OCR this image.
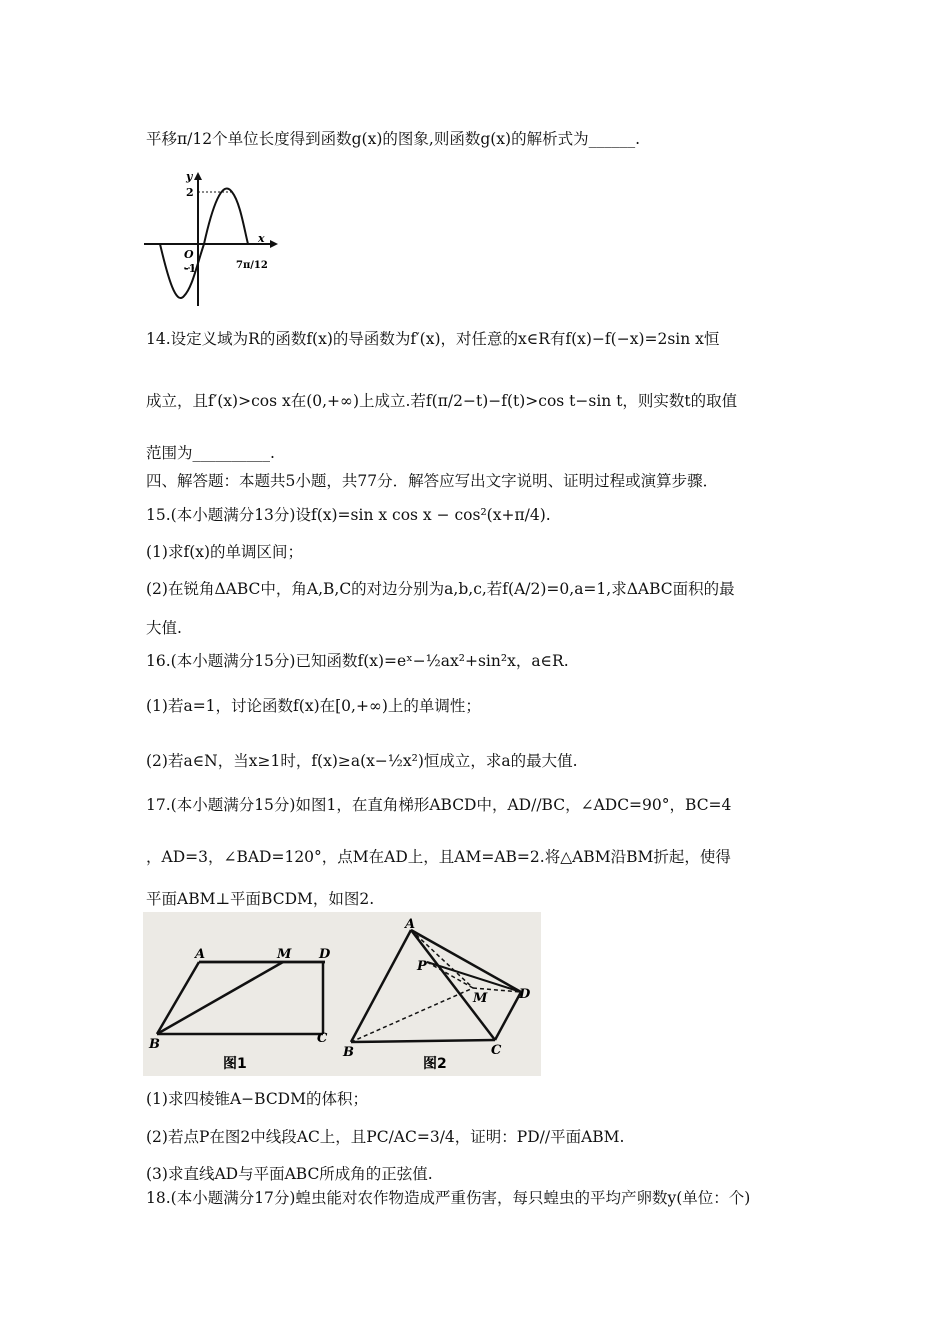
平移π/12个单位长度得到函数g(x)的图象,则函数g(x)的解析式为______.
y
x
2
O
-1	7π/12
14.设定义域为R的函数f(x)的导函数为f′(x)，对任意的x∈R有f(x)−f(−x)=2sin x恒
成立，且f′(x)>cos x在(0,+∞)上成立.若f(π/2−t)−f(t)>cos t−sin t，则实数t的取值
范围为__________.
四、解答题：本题共5小题，共77分．解答应写出文字说明、证明过程或演算步骤．
15.(本小题满分13分)设f(x)=sin x cos x − cos²(x+π/4).
(1)求f(x)的单调区间；
(2)在锐角ΔABC中，角A,B,C的对边分别为a,b,c,若f(A/2)=0,a=1,求ΔABC面积的最
大值.
16.(本小题满分15分)已知函数f(x)=eˣ−½ax²+sin²x，a∈R.
(1)若a=1，讨论函数f(x)在[0,+∞)上的单调性；
(2)若a∈N，当x≥1时，f(x)≥a(x−½x²)恒成立，求a的最大值.
17.(本小题满分15分)如图1，在直角梯形ABCD中，AD//BC，∠ADC=90°，BC=4
，AD=3，∠BAD=120°，点M在AD上，且AM=AB=2.将△ABM沿BM折起，使得
平面ABM⊥平面BCDM，如图2.
A	M D
B	C
图1
A
P
M D
B	C
图2
(1)求四棱锥A−BCDM的体积；
(2)若点P在图2中线段AC上，且PC/AC=3/4，证明：PD//平面ABM.
(3)求直线AD与平面ABC所成角的正弦值.
18.(本小题满分17分)蝗虫能对农作物造成严重伤害，每只蝗虫的平均产卵数y(单位：个)
